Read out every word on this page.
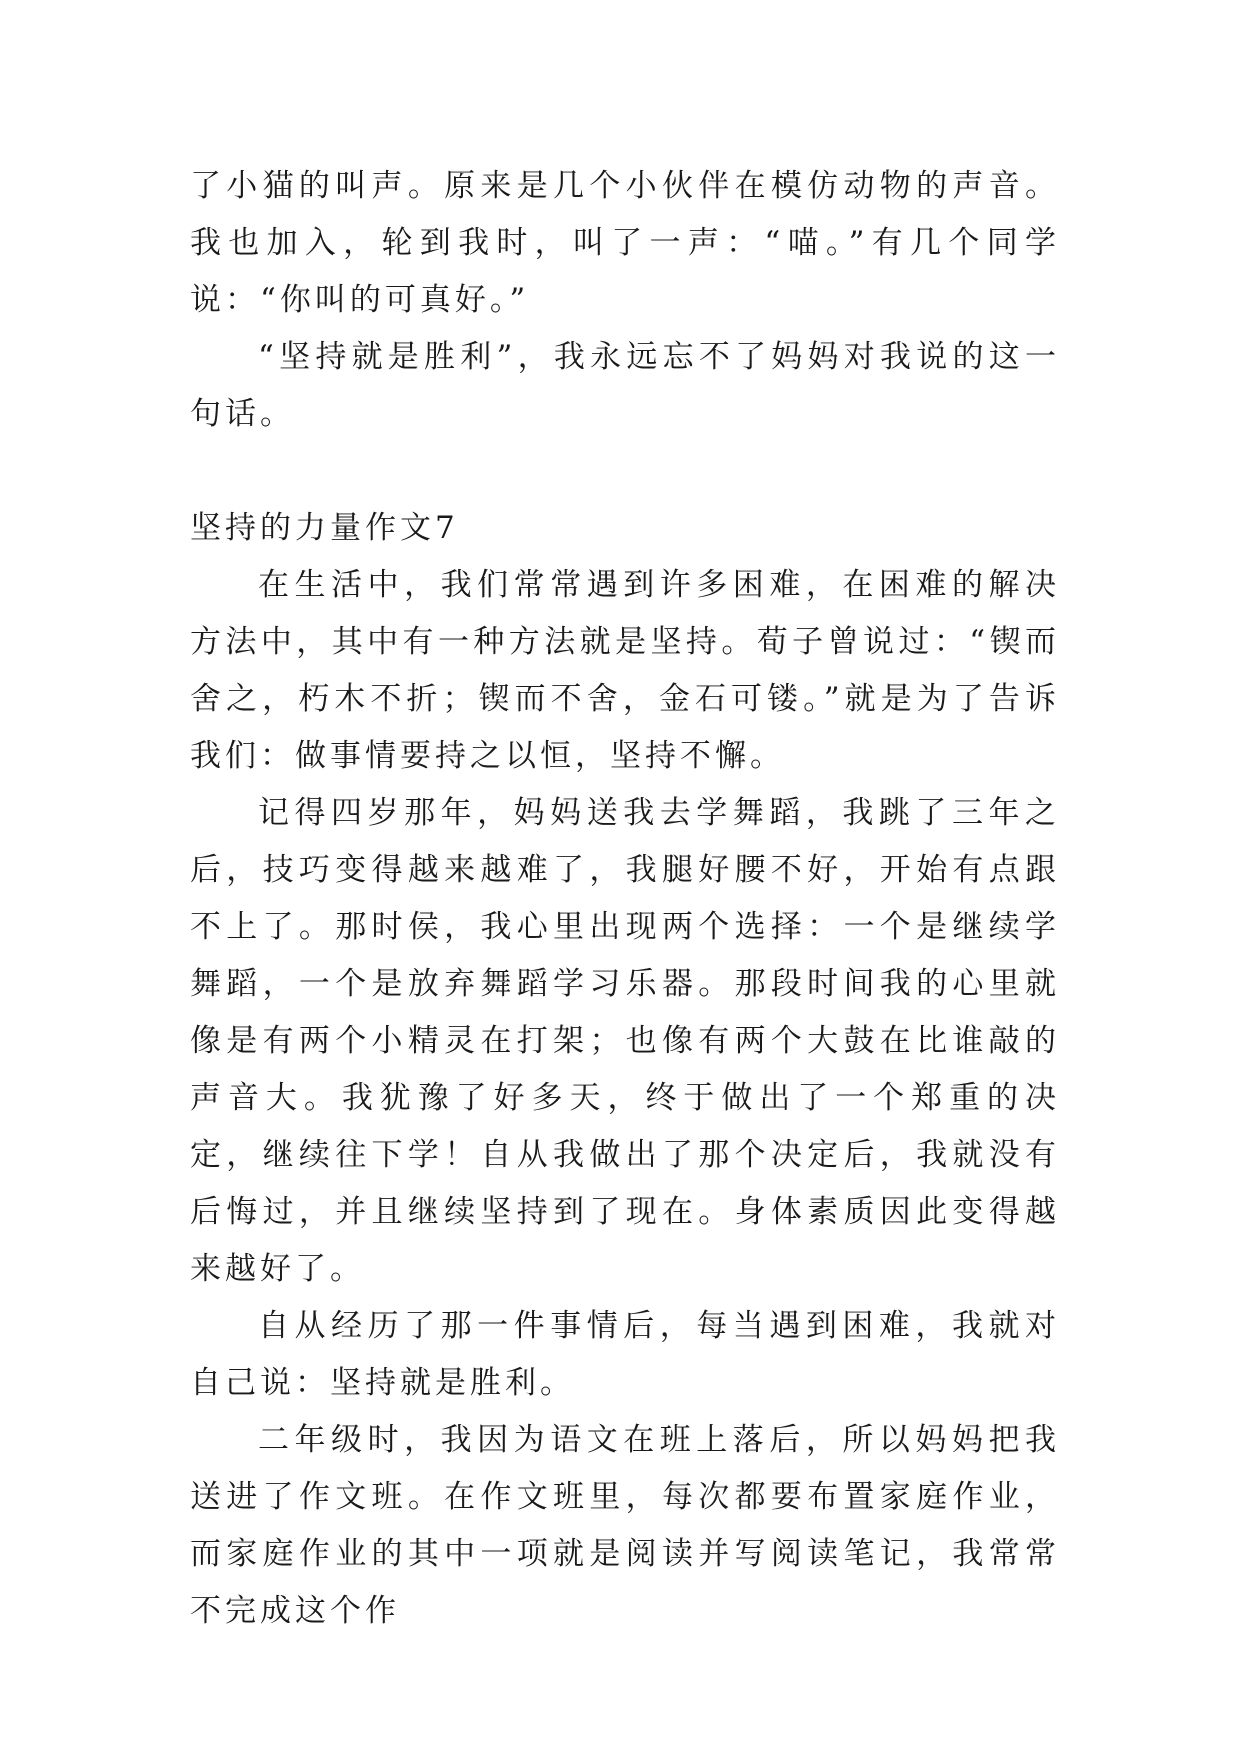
了小猫的叫声。原来是几个小伙伴在模仿动物的声音。我也加入，轮到我时，叫了一声：“喵。”有几个同学说：“你叫的可真好。”

“坚持就是胜利”，我永远忘不了妈妈对我说的这一句话。

坚持的力量作文7

在生活中，我们常常遇到许多困难，在困难的解决方法中，其中有一种方法就是坚持。荀子曾说过：“锲而舍之，朽木不折；锲而不舍，金石可镂。”就是为了告诉我们：做事情要持之以恒，坚持不懈。

记得四岁那年，妈妈送我去学舞蹈，我跳了三年之后，技巧变得越来越难了，我腿好腰不好，开始有点跟不上了。那时侯，我心里出现两个选择：一个是继续学舞蹈，一个是放弃舞蹈学习乐器。那段时间我的心里就像是有两个小精灵在打架；也像有两个大鼓在比谁敲的声音大。我犹豫了好多天，终于做出了一个郑重的决定，继续往下学！自从我做出了那个决定后，我就没有后悔过，并且继续坚持到了现在。身体素质因此变得越来越好了。

自从经历了那一件事情后，每当遇到困难，我就对自己说：坚持就是胜利。

二年级时，我因为语文在班上落后，所以妈妈把我送进了作文班。在作文班里，每次都要布置家庭作业，而家庭作业的其中一项就是阅读并写阅读笔记，我常常不完成这个作
